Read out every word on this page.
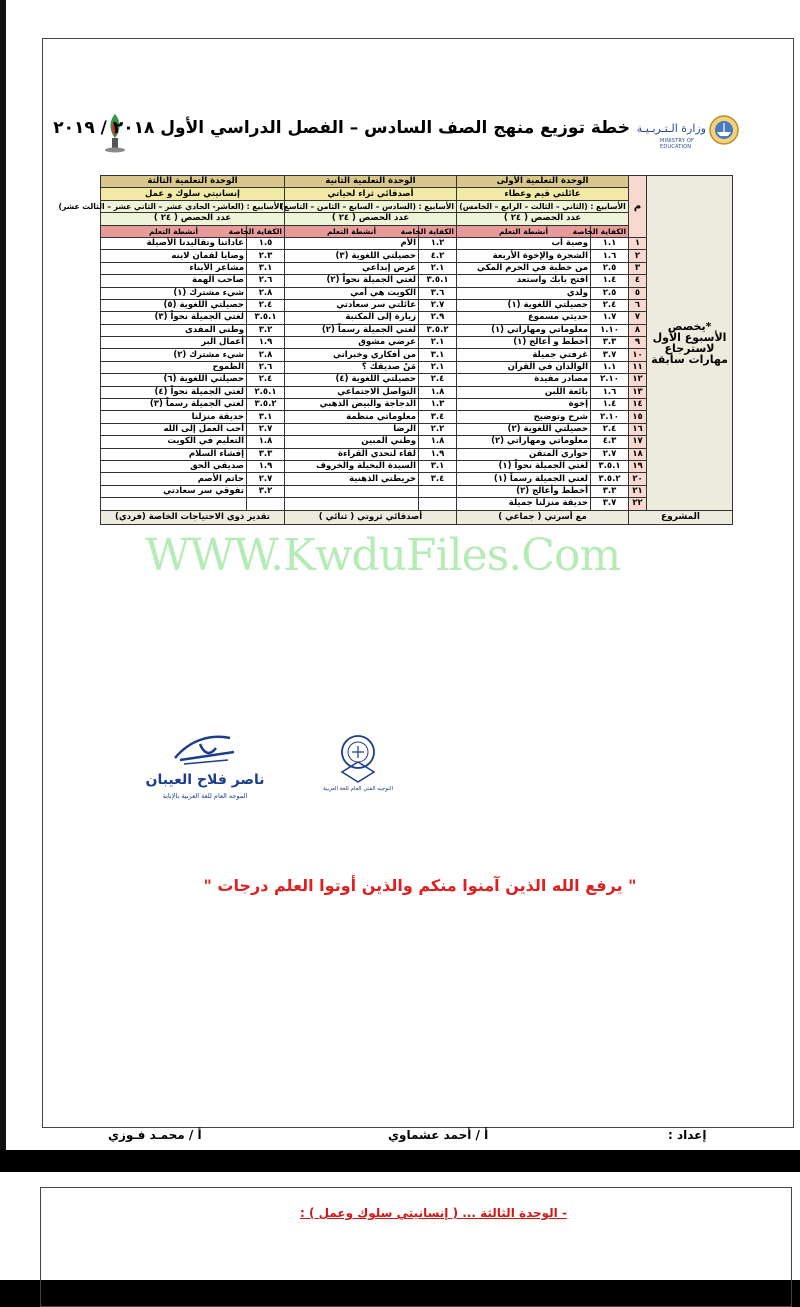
خطة توزيع منهج الصف السادس – الفصل الدراسي الأول ٢٠١٨ / ٢٠١٩ وزارة الـتـربـيـة
MINISTRY OF EDUCATION
*يخصص الأسبوع الأول لاسترجاع مهارات سابقة	م	الوحدة التعلمية الأولى		الوحدة التعلمية الثانية		الوحدة التعلمية الثالثة	
		عائلتي قيم وعطاء		أصدقائي ثراء لحياتي		إنسانيتي سلوك و عمل	
		الأسابيع : (الثاني – الثالث – الرابع – الخامس)		الأسابيع : (السادس – السابع – الثامن – التاسع)		الأسابيع : (العاشر- الحادي عشر – الثاني عشر – الثالث عشر)	
		عدد الحصص ( ٢٤ )		عدد الحصص ( ٢٤ )		عدد الحصص ( ٢٤ )	
		الكفاية الخاصة	أنشطة التعلم	الكفاية الخاصة	أنشطة التعلم	الكفاية الخاصة	أنشطة التعلم
	١	١.١	وصية أب	١.٢	الأم	١.٥	عاداتنا وتقاليدنا الأصيلة
	٢	١.٦	الشجرة والإخوة الأربعة	٤.٢	حصيلتي اللغوية (٣)	٢.٣	وصايا لقمان لابنه
	٣	٢.٥	من خطبة في الحرم المكي	٢.١	عرض إبداعي	٣.١	مشاعر الأبناء
	٤	١.٤	افتح بابك واستعد	٣.٥.١	لغتي الجميلة نحواً (٢)	٢.٦	صاحب الهمة
	٥	٢.٥	ولدي	٣.٦	الكويت هي أمي	٢.٨	شيء مشترك (١)
	٦	٢.٤	حصيلتي اللغوية (١)	٢.٧	عائلتي سر سعادتي	٢.٤	حصيلتي اللغوية (٥)
	٧	١.٧	حديثي مسموع	٢.٩	زيارة إلى المكتبة	٣.٥.١	لغتي الجميلة نحواً (٣)
	٨	١.١٠	معلوماتي ومهاراتي (١)	٣.٥.٢	لغتي الجميلة رسماً (٢)	٣.٢	وطني المفدى
	٩	٣.٣	أخطط و أعالج (١)	٢.١	عرضي مشوق	١.٩	أعمال البر
	١٠	٣.٧	غرفتي جميلة	٣.١	من أفكاري وخبراتي	٢.٨	شيء مشترك (٢)
	١١	١.١	الوالدان في القرآن	٢.١	مَنْ صديقك ؟	٢.٦	الطموح
	١٢	٢.١٠	مصادر مفيدة	٢.٤	حصيلتي اللغوية (٤)	٢.٤	حصيلتي اللغوية (٦)
	١٣	١.٦	بائعة اللبن	١.٨	التواصل الاجتماعي	٢.٥.١	لغتي الجميلة نحواً (٤)
	١٤	١.٤	إخوة	١.٣	الدجاجة والبيض الذهبي	٣.٥.٢	لغتي الجميلة رسماً (٣)
	١٥	٢.١٠	شرح وتوضيح	٣.٤	معلوماتي منظمة	٣.١	حديقة منزلنا
	١٦	٢.٤	حصيلتي اللغوية (٢)	٢.٢	الرضا	٢.٧	أحب العمل إلى الله
	١٧	٤.٣	معلوماتي ومهاراتي (٢)	١.٨	وطني المبين	١.٨	التعليم في الكويت
	١٨	٢.٧	حواري المتقن	١.٩	لقاء لتحدي القراءة	٣.٣	إفشاء السلام
	١٩	٣.٥.١	لغتي الجميلة نحواً (١)	٣.١	السيدة البخيلة والخروف	١.٩	صديقي الحق
	٢٠	٣.٥.٢	لغتي الجميلة رسماً (١)	٣.٤	خريطتي الذهنية	٢.٧	حاتم الأصم
	٢١	٣.٣	أخطط وأعالج (٢)			٣.٢	تفوقي سر سعادتي
	٢٢	٣.٧	حديقة منزلنا جميلة				
المشروع		مع أسرتي ( جماعي )		أصدقائي ثروتي ( ثنائي )		تقدير ذوي الاحتياجات الخاصة (فردي)	
WWW.KwduFiles.Com
ناصر فلاح العيبان
الموجه العام للغة العربية بالإنابة
التوجيه الفني العام للغة العربية
" يرفع الله الذين آمنوا منكم والذين أوتوا العلم درجات "
إعداد :
أ / أحمد عشماوي
أ / محمـد فـوزي
- الوحدة الثالثة ... ( إنسانيتي سلوك وعمل ) :
